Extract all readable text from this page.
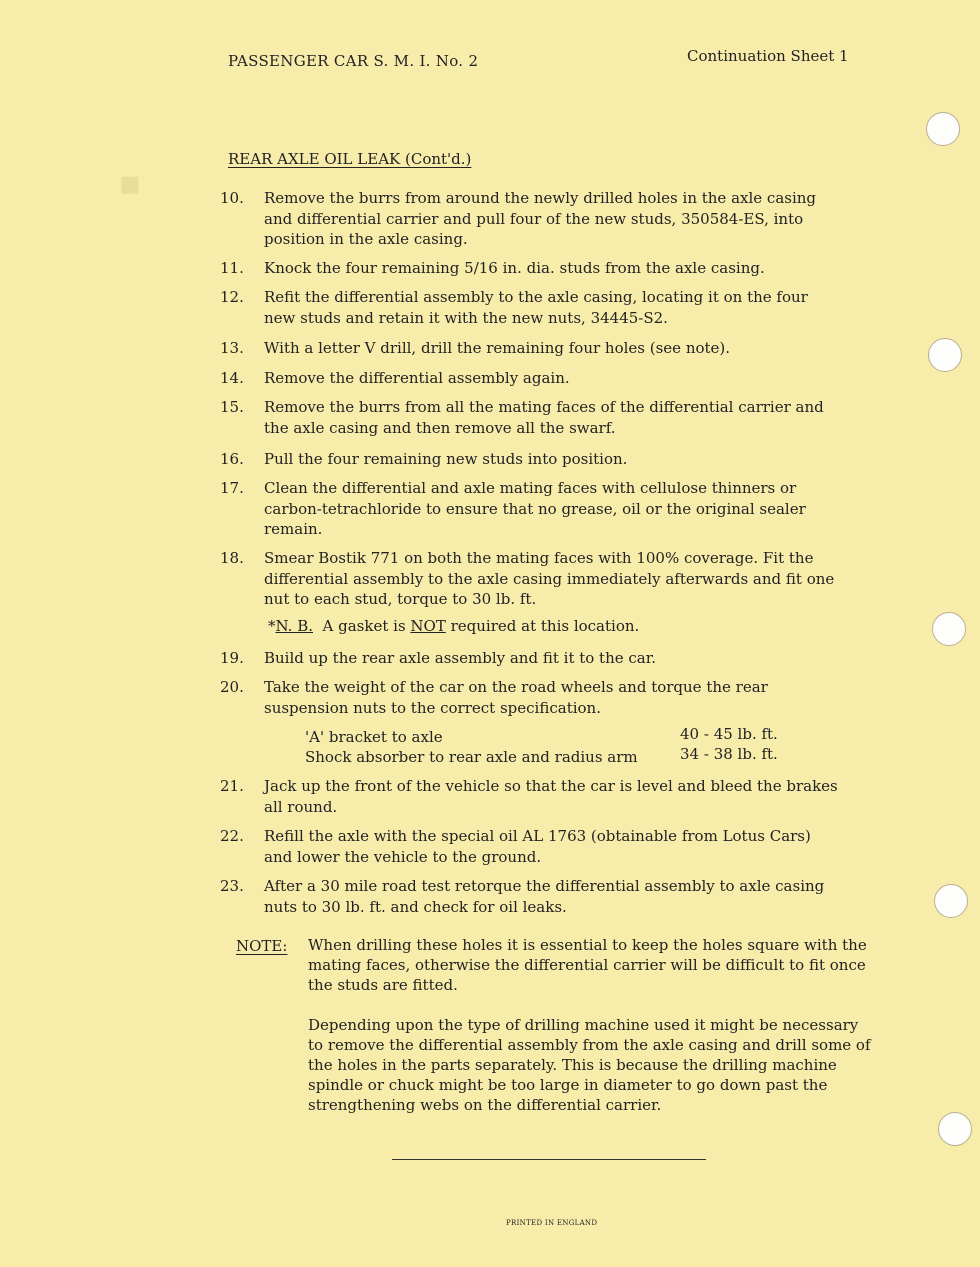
◼
PASSENGER CAR S. M. I. No. 2	Continuation Sheet 1
REAR AXLE OIL LEAK (Cont'd.)
10.	Remove the burrs from around the newly drilled holes in the axle casing and differential carrier and pull four of the new studs, 350584-ES, into position in the axle casing.
11.	Knock the four remaining 5/16 in. dia. studs from the axle casing.
12.	Refit the differential assembly to the axle casing, locating it on the four new studs and retain it with the new nuts, 34445-S2.
13.	With a letter V drill, drill the remaining four holes (see note).
14.	Remove the differential assembly again.
15.	Remove the burrs from all the mating faces of the differential carrier and the axle casing and then remove all the swarf.
16.	Pull the four remaining new studs into position.
17.	Clean the differential and axle mating faces with cellulose thinners or carbon-tetrachloride to ensure that no grease, oil or the original sealer remain.
18.	Smear Bostik 771 on both the mating faces with 100% coverage. Fit the differential assembly to the axle casing immediately afterwards and fit one nut to each stud, torque to 30 lb. ft.
*N. B.  A gasket is NOT required at this location.
19.	Build up the rear axle assembly and fit it to the car.
20.	Take the weight of the car on the road wheels and torque the rear suspension nuts to the correct specification.
'A' bracket to axle	40 - 45 lb. ft.
Shock absorber to rear axle and radius arm	34 - 38 lb. ft.
21.	Jack up the front of the vehicle so that the car is level and bleed the brakes all round.
22.	Refill the axle with the special oil AL 1763 (obtainable from Lotus Cars) and lower the vehicle to the ground.
23.	After a 30 mile road test retorque the differential assembly to axle casing nuts to 30 lb. ft. and check for oil leaks.
NOTE: When drilling these holes it is essential to keep the holes square with the mating faces, otherwise the differential carrier will be difficult to fit once the studs are fitted.
Depending upon the type of drilling machine used it might be necessary to remove the differential assembly from the axle casing and drill some of the holes in the parts separately. This is because the drilling machine spindle or chuck might be too large in diameter to go down past the strengthening webs on the differential carrier.
PRINTED IN ENGLAND
